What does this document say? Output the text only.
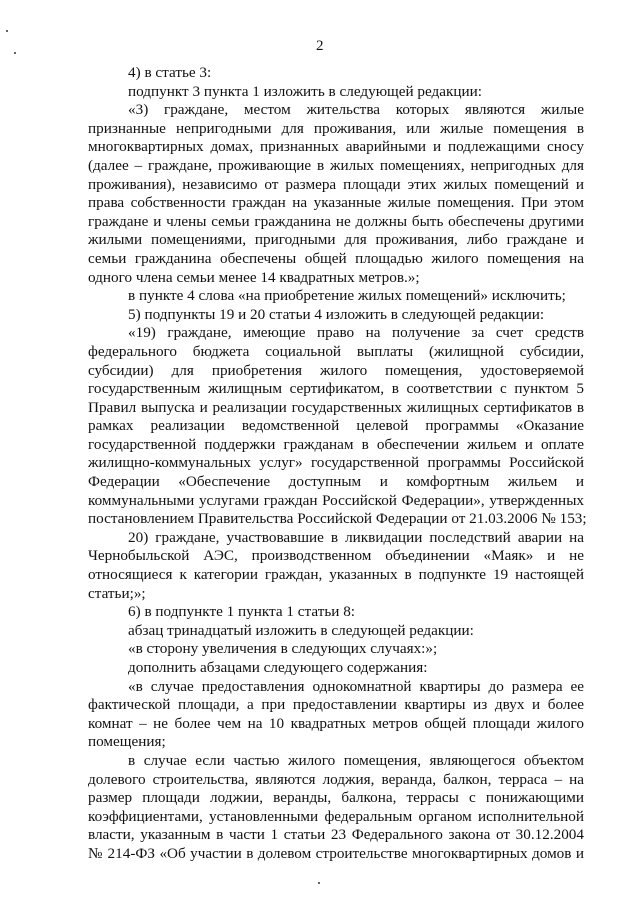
2
4) в статье 3:
подпункт 3 пункта 1 изложить в следующей редакции:
«3) граждане, местом жительства которых являются жилые
признанные непригодными для проживания, или жилые помещения в
многоквартирных домах, признанных аварийными и подлежащими сносу
(далее – граждане, проживающие в жилых помещениях, непригодных для
проживания), независимо от размера площади этих жилых помещений и
права собственности граждан на указанные жилые помещения. При этом
граждане и члены семьи гражданина не должны быть обеспечены другими
жилыми помещениями, пригодными для проживания, либо граждане и
семьи гражданина обеспечены общей площадью жилого помещения на
одного члена семьи менее 14 квадратных метров.»;
в пункте 4 слова «на приобретение жилых помещений» исключить;
5) подпункты 19 и 20 статьи 4 изложить в следующей редакции:
«19) граждане, имеющие право на получение за счет средств
федерального бюджета социальной выплаты (жилищной субсидии,
субсидии) для приобретения жилого помещения, удостоверяемой
государственным жилищным сертификатом, в соответствии с пунктом 5
Правил выпуска и реализации государственных жилищных сертификатов в
рамках реализации ведомственной целевой программы «Оказание
государственной поддержки гражданам в обеспечении жильем и оплате
жилищно-коммунальных услуг» государственной программы Российской
Федерации «Обеспечение доступным и комфортным жильем и
коммунальными услугами граждан Российской Федерации», утвержденных
постановлением Правительства Российской Федерации от 21.03.2006 № 153;
20) граждане, участвовавшие в ликвидации последствий аварии на
Чернобыльской АЭС, производственном объединении «Маяк» и не
относящиеся к категории граждан, указанных в подпункте 19 настоящей
статьи;»;
6) в подпункте 1 пункта 1 статьи 8:
абзац тринадцатый изложить в следующей редакции:
«в сторону увеличения в следующих случаях:»;
дополнить абзацами следующего содержания:
«в случае предоставления однокомнатной квартиры до размера ее
фактической площади, а при предоставлении квартиры из двух и более
комнат – не более чем на 10 квадратных метров общей площади жилого
помещения;
в случае если частью жилого помещения, являющегося объектом
долевого строительства, являются лоджия, веранда, балкон, терраса – на
размер площади лоджии, веранды, балкона, террасы с понижающими
коэффициентами, установленными федеральным органом исполнительной
власти, указанным в части 1 статьи 23 Федерального закона от 30.12.2004
№ 214-ФЗ «Об участии в долевом строительстве многоквартирных домов и
